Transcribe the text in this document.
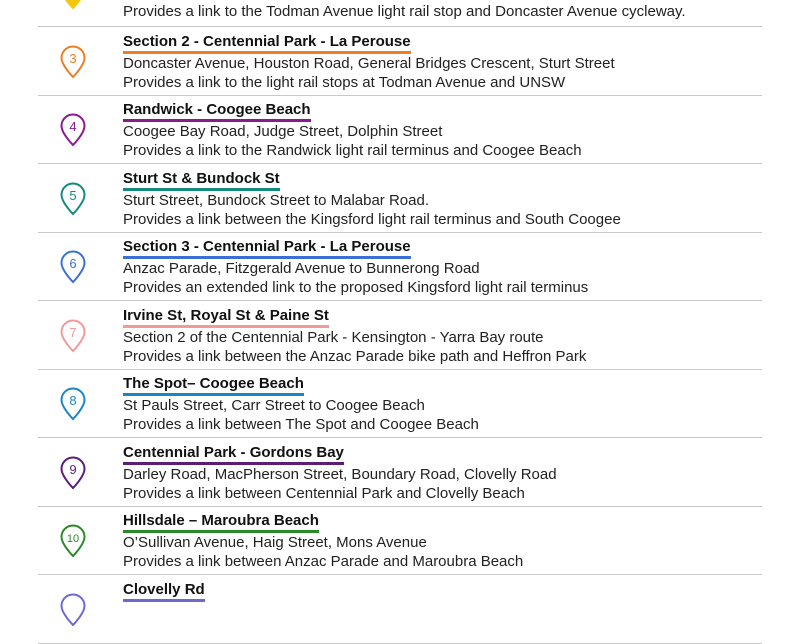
Provides a link to the Todman Avenue light rail stop and Doncaster Avenue cycleway.
3
Section 2 - Centennial Park - La Perouse
Doncaster Avenue, Houston Road, General Bridges Crescent, Sturt Street
Provides a link to the light rail stops at Todman Avenue and UNSW
4
Randwick - Coogee Beach
Coogee Bay Road, Judge Street, Dolphin Street
Provides a link to the Randwick light rail terminus and Coogee Beach
5
Sturt St & Bundock St
Sturt Street, Bundock Street to Malabar Road.
Provides a link between the Kingsford light rail terminus and South Coogee
6
Section 3 - Centennial Park - La Perouse
Anzac Parade, Fitzgerald Avenue to Bunnerong Road
Provides an extended link to the proposed Kingsford light rail terminus
7
Irvine St, Royal St & Paine St
Section 2 of the Centennial Park - Kensington - Yarra Bay route
Provides a link between the Anzac Parade bike path and Heffron Park
8
The Spot– Coogee Beach
St Pauls Street, Carr Street to Coogee Beach
Provides a link between The Spot and Coogee Beach
9
Centennial Park - Gordons Bay
Darley Road, MacPherson Street, Boundary Road, Clovelly Road
Provides a link between Centennial Park and Clovelly Beach
10
Hillsdale – Maroubra Beach
O’Sullivan Avenue, Haig Street, Mons Avenue
Provides a link between Anzac Parade and Maroubra Beach
Clovelly Rd
